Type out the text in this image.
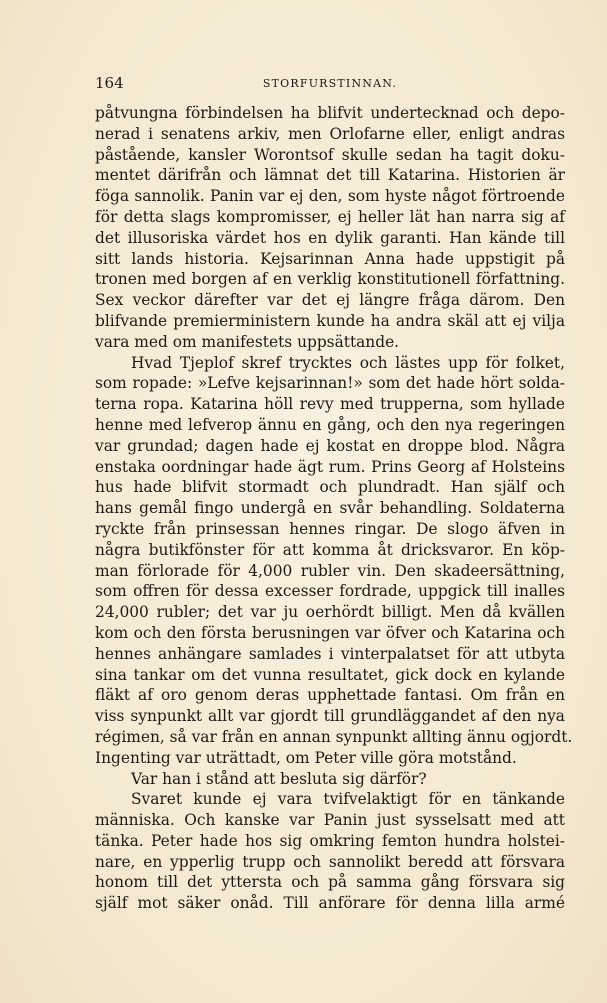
164	STORFURSTINNAN.
påtvungna förbindelsen ha blifvit undertecknad och depo-
nerad i senatens arkiv, men Orlofarne eller, enligt andras
påstående, kansler Worontsof skulle sedan ha tagit doku-
mentet därifrån och lämnat det till Katarina. Historien är
föga sannolik. Panin var ej den, som hyste något förtroende
för detta slags kompromisser, ej heller lät han narra sig af
det illusoriska värdet hos en dylik garanti. Han kände till
sitt lands historia. Kejsarinnan Anna hade uppstigit på
tronen med borgen af en verklig konstitutionell författning.
Sex veckor därefter var det ej längre fråga därom. Den
blifvande premierministern kunde ha andra skäl att ej vilja
vara med om manifestets uppsättande.
Hvad Tjeplof skref trycktes och lästes upp för folket,
som ropade: »Lefve kejsarinnan!» som det hade hört solda-
terna ropa. Katarina höll revy med trupperna, som hyllade
henne med lefverop ännu en gång, och den nya regeringen
var grundad; dagen hade ej kostat en droppe blod. Några
enstaka oordningar hade ägt rum. Prins Georg af Holsteins
hus hade blifvit stormadt och plundradt. Han själf och
hans gemål fingo undergå en svår behandling. Soldaterna
ryckte från prinsessan hennes ringar. De slogo äfven in
några butikfönster för att komma åt dricksvaror. En köp-
man förlorade för 4,000 rubler vin. Den skadeersättning,
som offren för dessa excesser fordrade, uppgick till inalles
24,000 rubler; det var ju oerhördt billigt. Men då kvällen
kom och den första berusningen var öfver och Katarina och
hennes anhängare samlades i vinterpalatset för att utbyta
sina tankar om det vunna resultatet, gick dock en kylande
fläkt af oro genom deras upphettade fantasi. Om från en
viss synpunkt allt var gjordt till grundläggandet af den nya
régimen, så var från en annan synpunkt allting ännu ogjordt.
Ingenting var uträttadt, om Peter ville göra motstånd.
Var han i stånd att besluta sig därför?
Svaret kunde ej vara tvifvelaktigt för en tänkande
människa. Och kanske var Panin just sysselsatt med att
tänka. Peter hade hos sig omkring femton hundra holstei-
nare, en ypperlig trupp och sannolikt beredd att försvara
honom till det yttersta och på samma gång försvara sig
själf mot säker onåd. Till anförare för denna lilla armé
